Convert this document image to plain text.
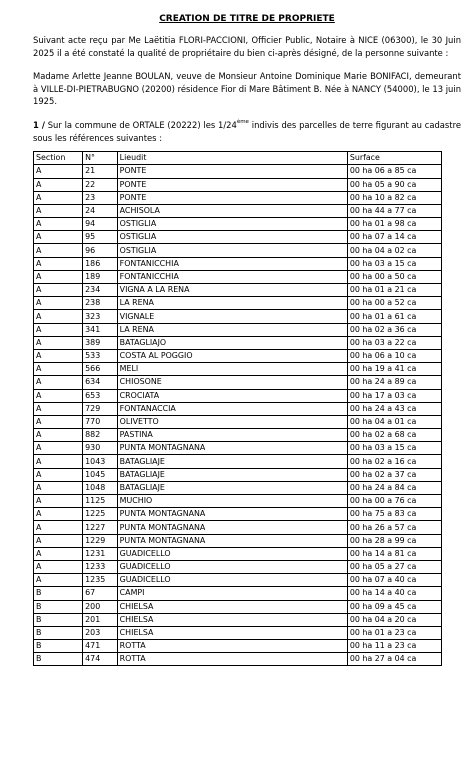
CREATION DE TITRE DE PROPRIETE

Suivant acte reçu par Me Laëtitia FLORI-PACCIONI, Officier Public, Notaire à NICE (06300), le 30 Juin 2025 il a été constaté la qualité de propriétaire du bien ci-après désigné, de la personne suivante :

Madame Arlette Jeanne BOULAN, veuve de Monsieur Antoine Dominique Marie BONIFACI, demeurant à VILLE-DI-PIETRABUGNO (20200) résidence Fior di Mare Bâtiment B. Née à NANCY (54000), le 13 juin 1925.

1 / Sur la commune de ORTALE (20222) les 1/24ème indivis des parcelles de terre figurant au cadastre sous les références suivantes :

Section	N°	Lieudit	Surface
A	21	PONTE	00 ha 06 a 85 ca
A	22	PONTE	00 ha 05 a 90 ca
A	23	PONTE	00 ha 10 a 82 ca
A	24	ACHISOLA	00 ha 44 a 77 ca
A	94	OSTIGLIA	00 ha 01 a 98 ca
A	95	OSTIGLIA	00 ha 07 a 14 ca
A	96	OSTIGLIA	00 ha 04 a 02 ca
A	186	FONTANICCHIA	00 ha 03 a 15 ca
A	189	FONTANICCHIA	00 ha 00 a 50 ca
A	234	VIGNA A LA RENA	00 ha 01 a 21 ca
A	238	LA RENA	00 ha 00 a 52 ca
A	323	VIGNALE	00 ha 01 a 61 ca
A	341	LA RENA	00 ha 02 a 36 ca
A	389	BATAGLIAJO	00 ha 03 a 22 ca
A	533	COSTA AL POGGIO	00 ha 06 a 10 ca
A	566	MELI	00 ha 19 a 41 ca
A	634	CHIOSONE	00 ha 24 a 89 ca
A	653	CROCIATA	00 ha 17 a 03 ca
A	729	FONTANACCIA	00 ha 24 a 43 ca
A	770	OLIVETTO	00 ha 04 a 01 ca
A	882	PASTINA	00 ha 02 a 68 ca
A	930	PUNTA MONTAGNANA	00 ha 03 a 15 ca
A	1043	BATAGLIAJE	00 ha 02 a 16 ca
A	1045	BATAGLIAJE	00 ha 02 a 37 ca
A	1048	BATAGLIAJE	00 ha 24 a 84 ca
A	1125	MUCHIO	00 ha 00 a 76 ca
A	1225	PUNTA MONTAGNANA	00 ha 75 a 83 ca
A	1227	PUNTA MONTAGNANA	00 ha 26 a 57 ca
A	1229	PUNTA MONTAGNANA	00 ha 28 a 99 ca
A	1231	GUADICELLO	00 ha 14 a 81 ca
A	1233	GUADICELLO	00 ha 05 a 27 ca
A	1235	GUADICELLO	00 ha 07 a 40 ca
B	67	CAMPI	00 ha 14 a 40 ca
B	200	CHIELSA	00 ha 09 a 45 ca
B	201	CHIELSA	00 ha 04 a 20 ca
B	203	CHIELSA	00 ha 01 a 23 ca
B	471	ROTTA	00 ha 11 a 23 ca
B	474	ROTTA	00 ha 27 a 04 ca
